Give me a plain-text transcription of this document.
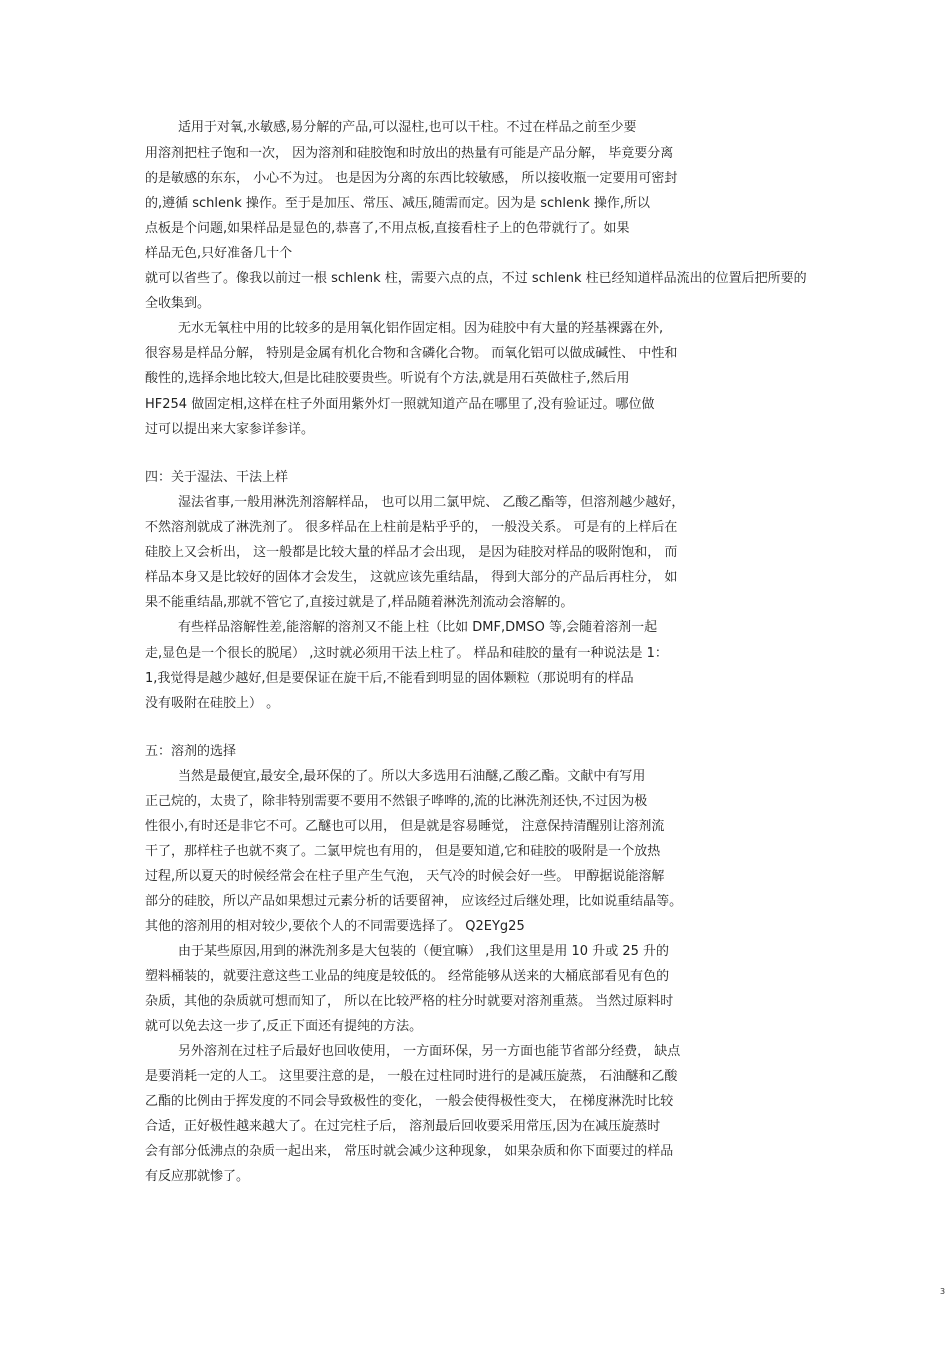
适用于对氧,水敏感,易分解的产品,可以湿柱,也可以干柱。不过在样品之前至少要
用溶剂把柱子饱和一次， 因为溶剂和硅胶饱和时放出的热量有可能是产品分解， 毕竟要分离
的是敏感的东东， 小心不为过。 也是因为分离的东西比较敏感， 所以接收瓶一定要用可密封
的,遵循 schlenk 操作。至于是加压、常压、减压,随需而定。因为是 schlenk 操作,所以
点板是个问题,如果样品是显色的,恭喜了,不用点板,直接看柱子上的色带就行了。如果
样品无色,只好准备几十个
就可以省些了。像我以前过一根 schlenk 柱，需要六点的点，不过 schlenk 柱已经知道样品流出的位置后把所要的
全收集到。
无水无氧柱中用的比较多的是用氧化铝作固定相。因为硅胶中有大量的羟基裸露在外,
很容易是样品分解， 特别是金属有机化合物和含磷化合物。 而氧化铝可以做成碱性、 中性和
酸性的,选择余地比较大,但是比硅胶要贵些。听说有个方法,就是用石英做柱子,然后用
HF254 做固定相,这样在柱子外面用紫外灯一照就知道产品在哪里了,没有验证过。哪位做
过可以提出来大家参详参详。
四：关于湿法、干法上样
湿法省事,一般用淋洗剂溶解样品， 也可以用二氯甲烷、 乙酸乙酯等，但溶剂越少越好，
不然溶剂就成了淋洗剂了。 很多样品在上柱前是粘乎乎的， 一般没关系。 可是有的上样后在
硅胶上又会析出， 这一般都是比较大量的样品才会出现， 是因为硅胶对样品的吸附饱和， 而
样品本身又是比较好的固体才会发生， 这就应该先重结晶， 得到大部分的产品后再柱分， 如
果不能重结晶,那就不管它了,直接过就是了,样品随着淋洗剂流动会溶解的。
有些样品溶解性差,能溶解的溶剂又不能上柱（比如 DMF,DMSO 等,会随着溶剂一起
走,显色是一个很长的脱尾） ,这时就必须用干法上柱了。 样品和硅胶的量有一种说法是 1：
1,我觉得是越少越好,但是要保证在旋干后,不能看到明显的固体颗粒（那说明有的样品
没有吸附在硅胶上） 。
五：溶剂的选择
当然是最便宜,最安全,最环保的了。所以大多选用石油醚,乙酸乙酯。文献中有写用
正己烷的，太贵了，除非特别需要不要用不然银子哗哗的,流的比淋洗剂还快,不过因为极
性很小,有时还是非它不可。乙醚也可以用， 但是就是容易睡觉， 注意保持清醒别让溶剂流
干了，那样柱子也就不爽了。二氯甲烷也有用的， 但是要知道,它和硅胶的吸附是一个放热
过程,所以夏天的时候经常会在柱子里产生气泡， 天气冷的时候会好一些。 甲醇据说能溶解
部分的硅胶，所以产品如果想过元素分析的话要留神， 应该经过后继处理，比如说重结晶等。
其他的溶剂用的相对较少,要依个人的不同需要选择了。 Q2EYg25
由于某些原因,用到的淋洗剂多是大包装的（便宜嘛） ,我们这里是用 10 升或 25 升的
塑料桶装的，就要注意这些工业品的纯度是较低的。 经常能够从送来的大桶底部看见有色的
杂质，其他的杂质就可想而知了， 所以在比较严格的柱分时就要对溶剂重蒸。 当然过原料时
就可以免去这一步了,反正下面还有提纯的方法。
另外溶剂在过柱子后最好也回收使用， 一方面环保，另一方面也能节省部分经费， 缺点
是要消耗一定的人工。 这里要注意的是， 一般在过柱同时进行的是减压旋蒸， 石油醚和乙酸
乙酯的比例由于挥发度的不同会导致极性的变化， 一般会使得极性变大， 在梯度淋洗时比较
合适，正好极性越来越大了。在过完柱子后， 溶剂最后回收要采用常压,因为在减压旋蒸时
会有部分低沸点的杂质一起出来， 常压时就会减少这种现象， 如果杂质和你下面要过的样品
有反应那就惨了。
3
